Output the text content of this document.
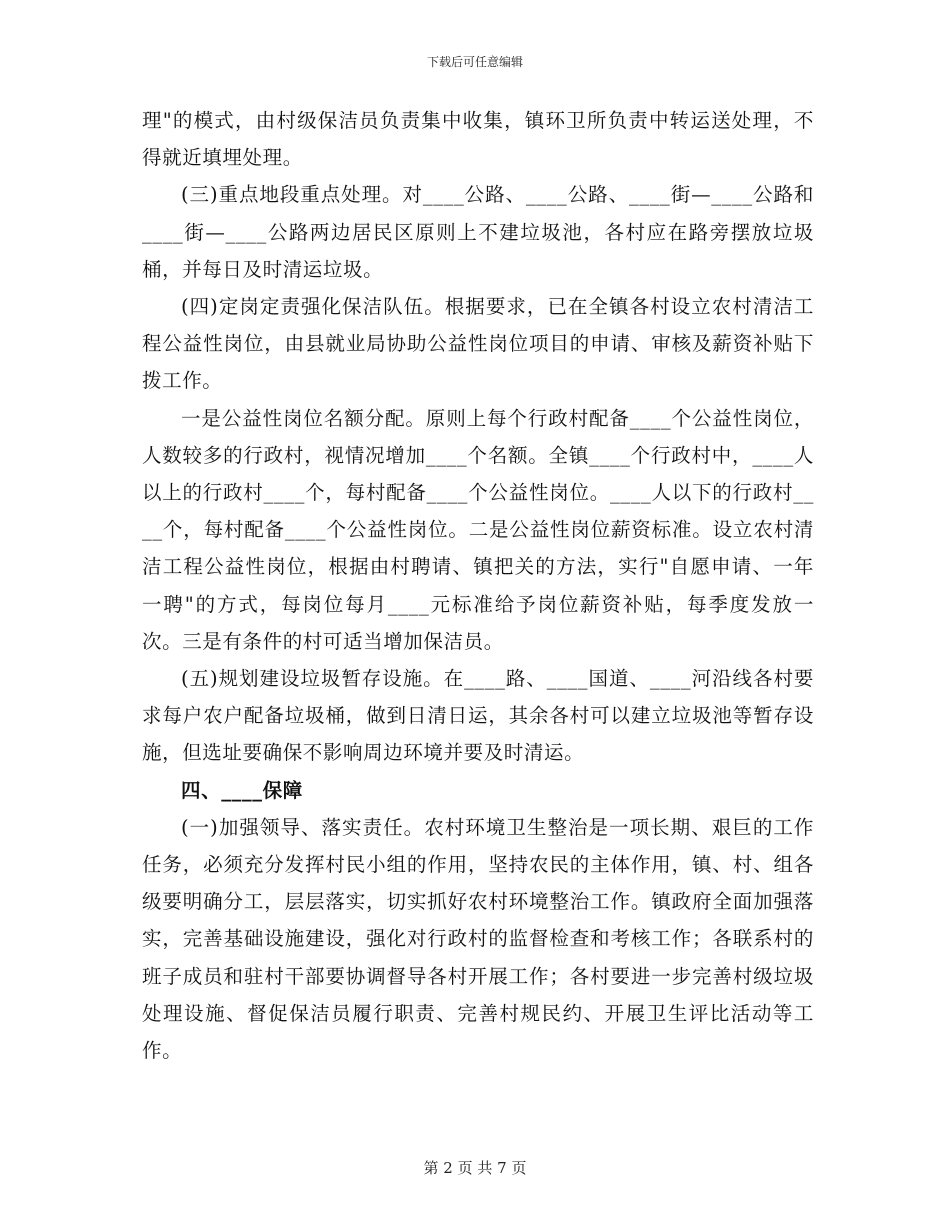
下载后可任意编辑

理"的模式，由村级保洁员负责集中收集，镇环卫所负责中转运送处理，不得就近填埋处理。

(三)重点地段重点处理。对____公路、____公路、____街—____公路和____街—____公路两边居民区原则上不建垃圾池，各村应在路旁摆放垃圾桶，并每日及时清运垃圾。

(四)定岗定责强化保洁队伍。根据要求，已在全镇各村设立农村清洁工程公益性岗位，由县就业局协助公益性岗位项目的申请、审核及薪资补贴下拨工作。

一是公益性岗位名额分配。原则上每个行政村配备____个公益性岗位，人数较多的行政村，视情况增加____个名额。全镇____个行政村中，____人以上的行政村____个，每村配备____个公益性岗位。____人以下的行政村____个，每村配备____个公益性岗位。二是公益性岗位薪资标准。设立农村清洁工程公益性岗位，根据由村聘请、镇把关的方法，实行"自愿申请、一年一聘"的方式，每岗位每月____元标准给予岗位薪资补贴，每季度发放一次。三是有条件的村可适当增加保洁员。

(五)规划建设垃圾暂存设施。在____路、____国道、____河沿线各村要求每户农户配备垃圾桶，做到日清日运，其余各村可以建立垃圾池等暂存设施，但选址要确保不影响周边环境并要及时清运。

四、____保障

(一)加强领导、落实责任。农村环境卫生整治是一项长期、艰巨的工作任务，必须充分发挥村民小组的作用，坚持农民的主体作用，镇、村、组各级要明确分工，层层落实，切实抓好农村环境整治工作。镇政府全面加强落实，完善基础设施建设，强化对行政村的监督检查和考核工作；各联系村的班子成员和驻村干部要协调督导各村开展工作；各村要进一步完善村级垃圾处理设施、督促保洁员履行职责、完善村规民约、开展卫生评比活动等工作。

第 2 页 共 7 页
